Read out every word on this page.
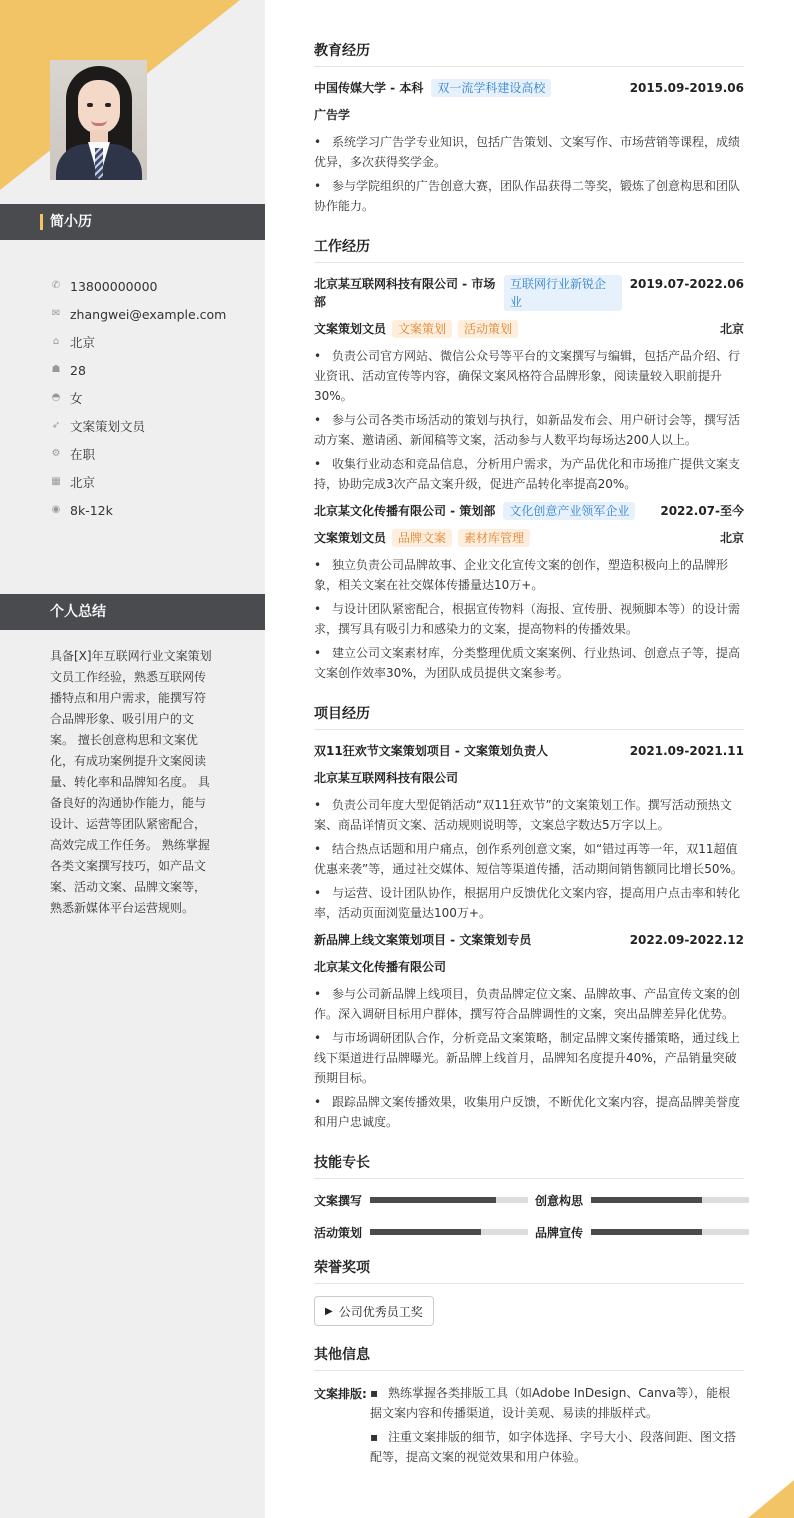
简小历
✆ 13800000000
✉ zhangwei@example.com
⌂ 北京
☗ 28
◓ 女
➶ 文案策划文员
⚙ 在职
▦ 北京
◉ 8k-12k
个人总结
具备[X]年互联网行业文案策划文员工作经验，熟悉互联网传播特点和用户需求，能撰写符合品牌形象、吸引用户的文案。 擅长创意构思和文案优化，有成功案例提升文案阅读量、转化率和品牌知名度。 具备良好的沟通协作能力，能与设计、运营等团队紧密配合，高效完成工作任务。 熟练掌握各类文案撰写技巧，如产品文案、活动文案、品牌文案等，熟悉新媒体平台运营规则。
教育经历
中国传媒大学 - 本科	双一流学科建设高校	2015.09-2019.06
广告学
• 系统学习广告学专业知识，包括广告策划、文案写作、市场营销等课程，成绩优异，多次获得奖学金。
• 参与学院组织的广告创意大赛，团队作品获得二等奖，锻炼了创意构思和团队协作能力。
工作经历
北京某互联网科技有限公司 - 市场部
互联网行业新锐企业
2019.07-2022.06
文案策划文员 文案策划 活动策划	北京
• 负责公司官方网站、微信公众号等平台的文案撰写与编辑，包括产品介绍、行业资讯、活动宣传等内容，确保文案风格符合品牌形象，阅读量较入职前提升30%。
• 参与公司各类市场活动的策划与执行，如新品发布会、用户研讨会等，撰写活动方案、邀请函、新闻稿等文案，活动参与人数平均每场达200人以上。
• 收集行业动态和竞品信息，分析用户需求，为产品优化和市场推广提供文案支持，协助完成3次产品文案升级，促进产品转化率提高20%。
北京某文化传播有限公司 - 策划部	文化创意产业领军企业	2022.07-至今
文案策划文员 品牌文案 素材库管理	北京
• 独立负责公司品牌故事、企业文化宣传文案的创作，塑造积极向上的品牌形象，相关文案在社交媒体传播量达10万+。
• 与设计团队紧密配合，根据宣传物料（海报、宣传册、视频脚本等）的设计需求，撰写具有吸引力和感染力的文案，提高物料的传播效果。
• 建立公司文案素材库，分类整理优质文案案例、行业热词、创意点子等，提高文案创作效率30%，为团队成员提供文案参考。
项目经历
双11狂欢节文案策划项目 - 文案策划负责人	2021.09-2021.11
北京某互联网科技有限公司
• 负责公司年度大型促销活动“双11狂欢节”的文案策划工作。撰写活动预热文案、商品详情页文案、活动规则说明等，文案总字数达5万字以上。
• 结合热点话题和用户痛点，创作系列创意文案，如“错过再等一年，双11超值优惠来袭”等，通过社交媒体、短信等渠道传播，活动期间销售额同比增长50%。
• 与运营、设计团队协作，根据用户反馈优化文案内容，提高用户点击率和转化率，活动页面浏览量达100万+。
新品牌上线文案策划项目 - 文案策划专员	2022.09-2022.12
北京某文化传播有限公司
• 参与公司新品牌上线项目，负责品牌定位文案、品牌故事、产品宣传文案的创作。深入调研目标用户群体，撰写符合品牌调性的文案，突出品牌差异化优势。
• 与市场调研团队合作，分析竞品文案策略，制定品牌文案传播策略，通过线上线下渠道进行品牌曝光。新品牌上线首月，品牌知名度提升40%，产品销量突破预期目标。
• 跟踪品牌文案传播效果，收集用户反馈，不断优化文案内容，提高品牌美誉度和用户忠诚度。
技能专长
文案撰写	创意构思
活动策划	品牌宣传
荣誉奖项
▶ 公司优秀员工奖
其他信息
文案排版:
▪	熟练掌握各类排版工具（如Adobe InDesign、Canva等），能根据文案内容和传播渠道，设计美观、易读的排版样式。
▪ 注重文案排版的细节，如字体选择、字号大小、段落间距、图文搭配等，提高文案的视觉效果和用户体验。
